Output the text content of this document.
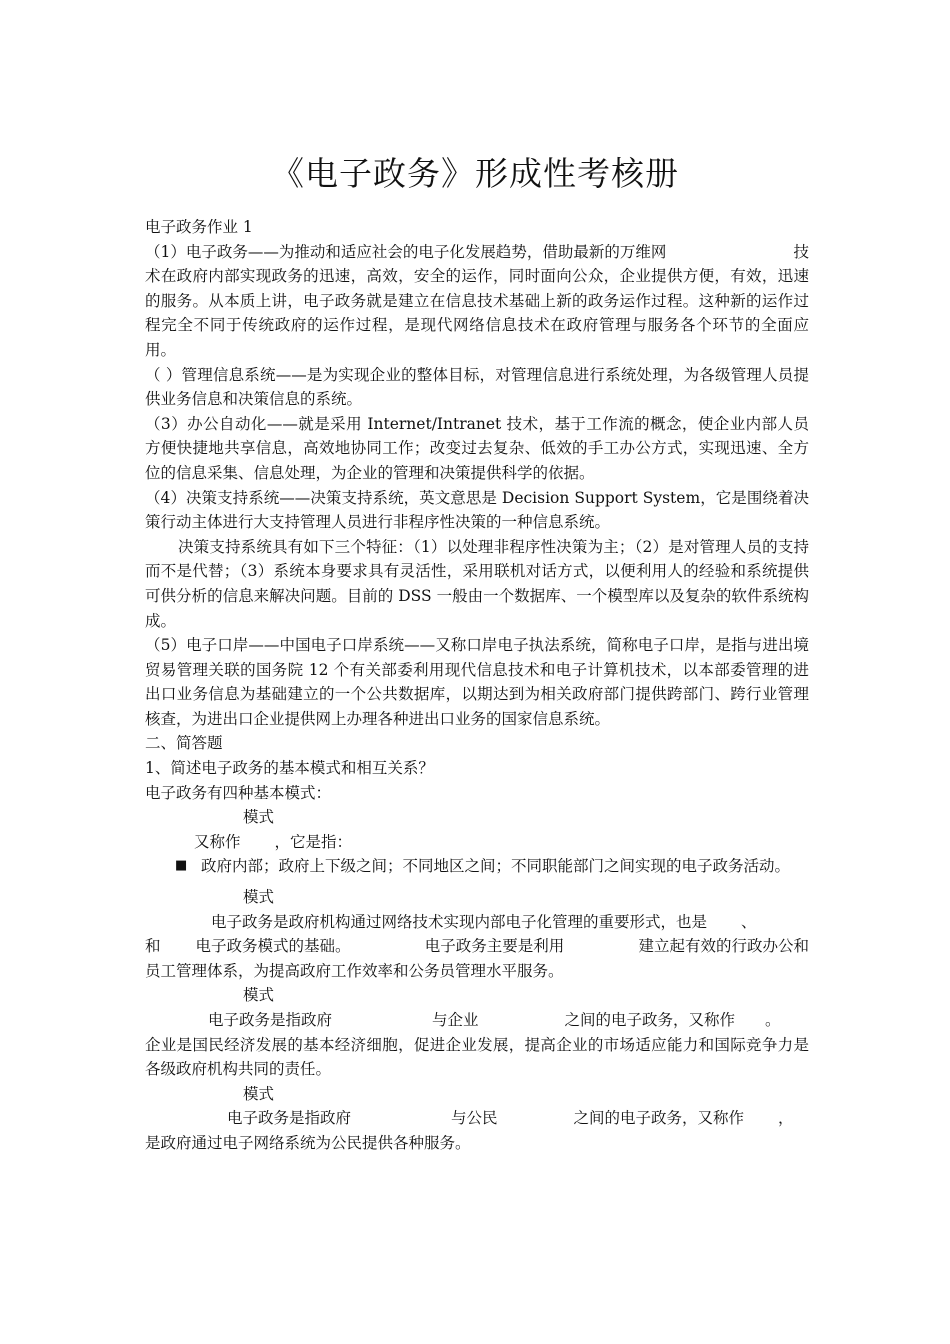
《电子政务》形成性考核册

电子政务作业 1

（1）电子政务——为推动和适应社会的电子化发展趋势，借助最新的万维网	技

术在政府内部实现政务的迅速，高效，安全的运作，同时面向公众，企业提供方便，有效，迅速的服务。从本质上讲，电子政务就是建立在信息技术基础上新的政务运作过程。这种新的运作过程完全不同于传统政府的运作过程，是现代网络信息技术在政府管理与服务各个环节的全面应用。

（ ）管理信息系统——是为实现企业的整体目标，对管理信息进行系统处理，为各级管理人员提供业务信息和决策信息的系统。

（3）办公自动化——就是采用 Internet/Intranet 技术，基于工作流的概念，使企业内部人员方便快捷地共享信息，高效地协同工作；改变过去复杂、低效的手工办公方式，实现迅速、全方位的信息采集、信息处理，为企业的管理和决策提供科学的依据。

（4）决策支持系统——决策支持系统，英文意思是 Decision Support System，它是围绕着决策行动主体进行大支持管理人员进行非程序性决策的一种信息系统。

决策支持系统具有如下三个特征：（1）以处理非程序性决策为主；（2）是对管理人员的支持而不是代替；（3）系统本身要求具有灵活性，采用联机对话方式，以便利用人的经验和系统提供可供分析的信息来解决问题。目前的 DSS 一般由一个数据库、一个模型库以及复杂的软件系统构成。

（5）电子口岸——中国电子口岸系统——又称口岸电子执法系统，简称电子口岸，是指与进出境贸易管理关联的国务院 12 个有关部委利用现代信息技术和电子计算机技术，以本部委管理的进出口业务信息为基础建立的一个公共数据库，以期达到为相关政府部门提供跨部门、跨行业管理核查，为进出口企业提供网上办理各种进出口业务的国家信息系统。

二、简答题

1、简述电子政务的基本模式和相互关系？

电子政务有四种基本模式：

模式

又称作 ，它是指：

■ 政府内部；政府上下级之间；不同地区之间；不同职能部门之间实现的电子政务活动。

模式

电子政务是政府机构通过网络技术实现内部电子化管理的重要形式，也是 、

和 电子政务模式的基础。	电子政务主要是利用	建立起有效的行政办公和

员工管理体系，为提高政府工作效率和公务员管理水平服务。

模式

电子政务是指政府	与企业	之间的电子政务，又称作 。

企业是国民经济发展的基本经济细胞，促进企业发展，提高企业的市场适应能力和国际竞争力是各级政府机构共同的责任。

模式

电子政务是指政府	与公民	之间的电子政务，又称作 ，

是政府通过电子网络系统为公民提供各种服务。
